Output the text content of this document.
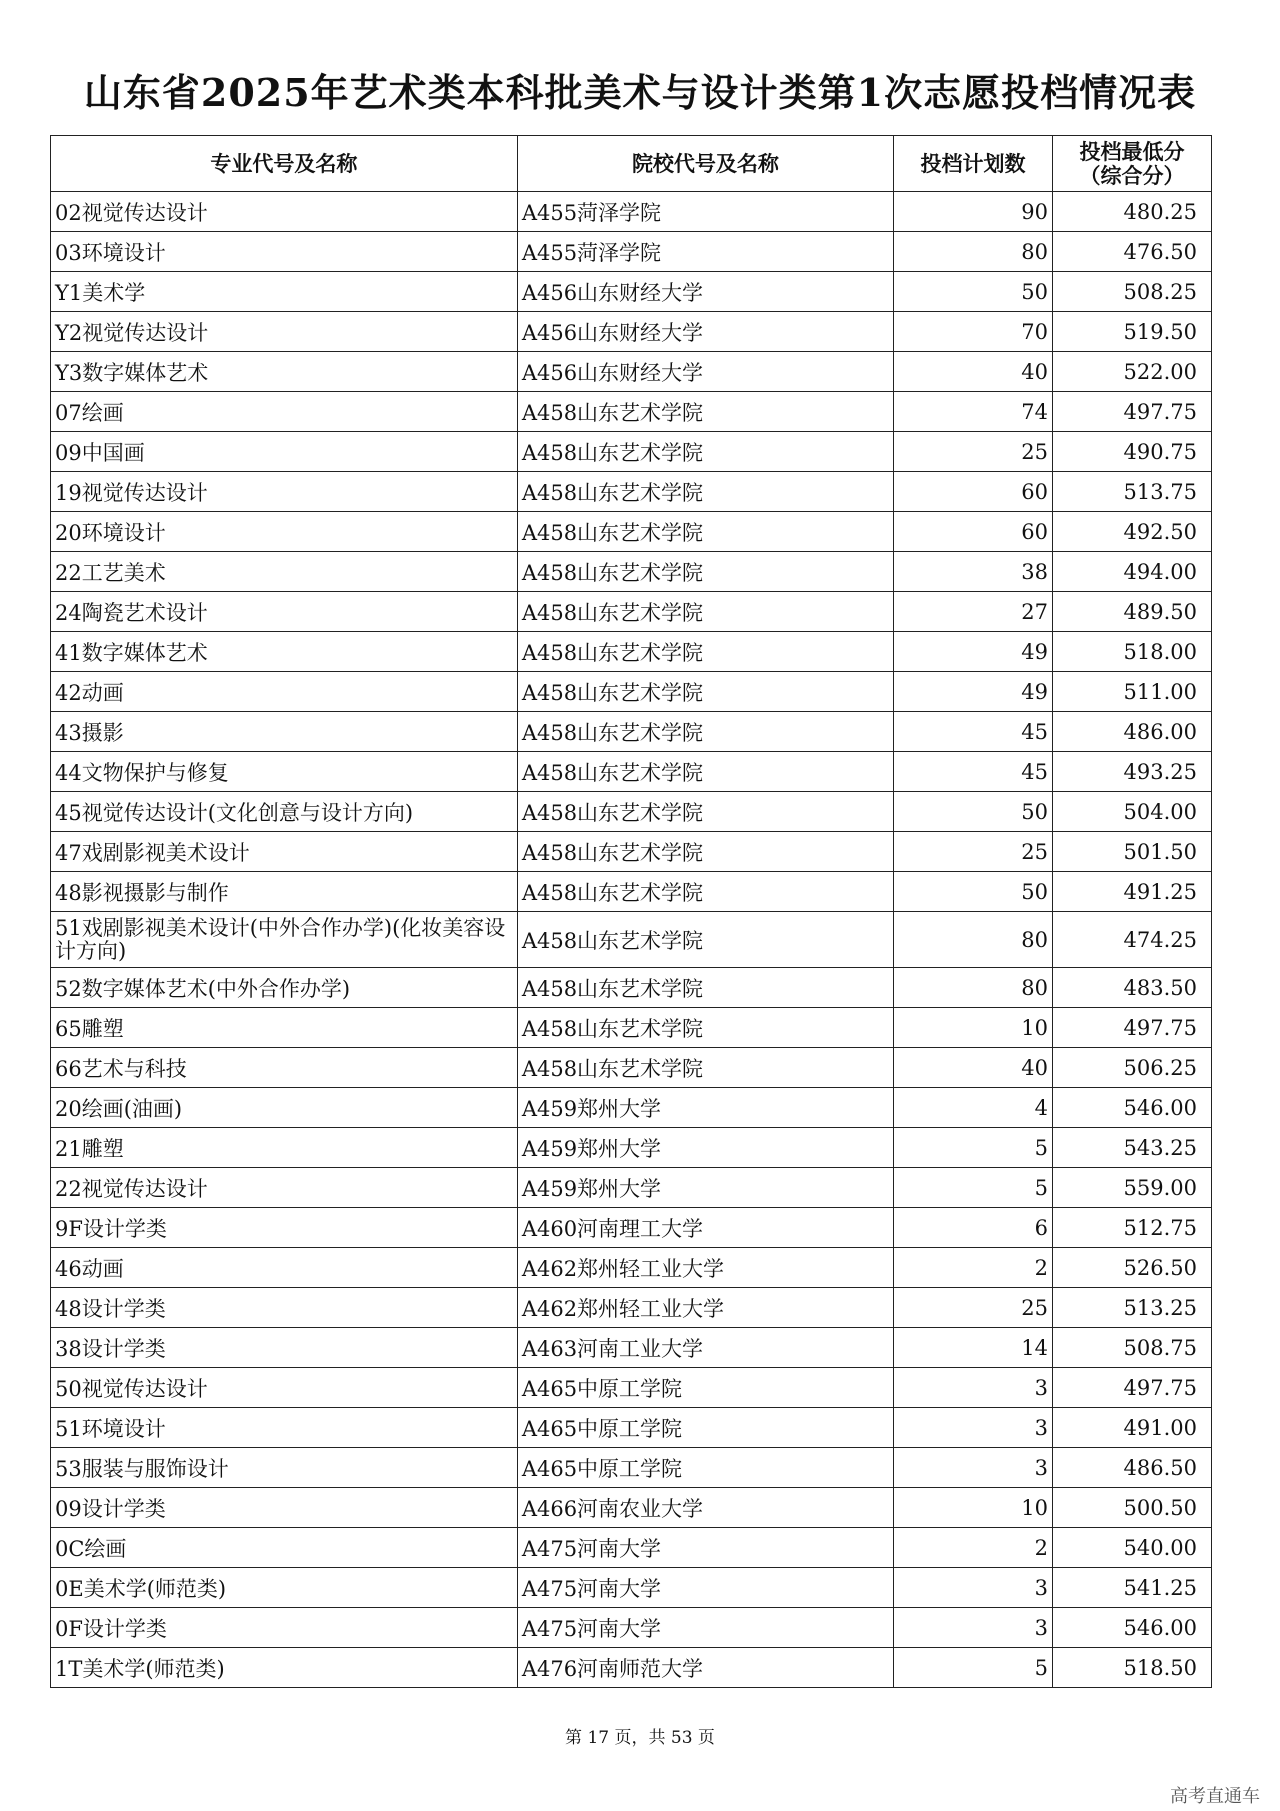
山东省2025年艺术类本科批美术与设计类第1次志愿投档情况表
专业代号及名称	院校代号及名称	投档计划数	投档最低分
（综合分）

02视觉传达设计	A455菏泽学院	90	480.25
03环境设计	A455菏泽学院	80	476.50
Y1美术学	A456山东财经大学	50	508.25
Y2视觉传达设计	A456山东财经大学	70	519.50
Y3数字媒体艺术	A456山东财经大学	40	522.00
07绘画	A458山东艺术学院	74	497.75
09中国画	A458山东艺术学院	25	490.75
19视觉传达设计	A458山东艺术学院	60	513.75
20环境设计	A458山东艺术学院	60	492.50
22工艺美术	A458山东艺术学院	38	494.00
24陶瓷艺术设计	A458山东艺术学院	27	489.50
41数字媒体艺术	A458山东艺术学院	49	518.00
42动画	A458山东艺术学院	49	511.00
43摄影	A458山东艺术学院	45	486.00
44文物保护与修复	A458山东艺术学院	45	493.25
45视觉传达设计(文化创意与设计方向)	A458山东艺术学院	50	504.00
47戏剧影视美术设计	A458山东艺术学院	25	501.50
48影视摄影与制作	A458山东艺术学院	50	491.25
51戏剧影视美术设计(中外合作办学)(化妆美容设计方向)	A458山东艺术学院	80	474.25
52数字媒体艺术(中外合作办学)	A458山东艺术学院	80	483.50
65雕塑	A458山东艺术学院	10	497.75
66艺术与科技	A458山东艺术学院	40	506.25
20绘画(油画)	A459郑州大学	4	546.00
21雕塑	A459郑州大学	5	543.25
22视觉传达设计	A459郑州大学	5	559.00
9F设计学类	A460河南理工大学	6	512.75
46动画	A462郑州轻工业大学	2	526.50
48设计学类	A462郑州轻工业大学	25	513.25
38设计学类	A463河南工业大学	14	508.75
50视觉传达设计	A465中原工学院	3	497.75
51环境设计	A465中原工学院	3	491.00
53服装与服饰设计	A465中原工学院	3	486.50
09设计学类	A466河南农业大学	10	500.50
0C绘画	A475河南大学	2	540.00
0E美术学(师范类)	A475河南大学	3	541.25
0F设计学类	A475河南大学	3	546.00
1T美术学(师范类)	A476河南师范大学	5	518.50
第 17 页，共 53 页
高考直通车
